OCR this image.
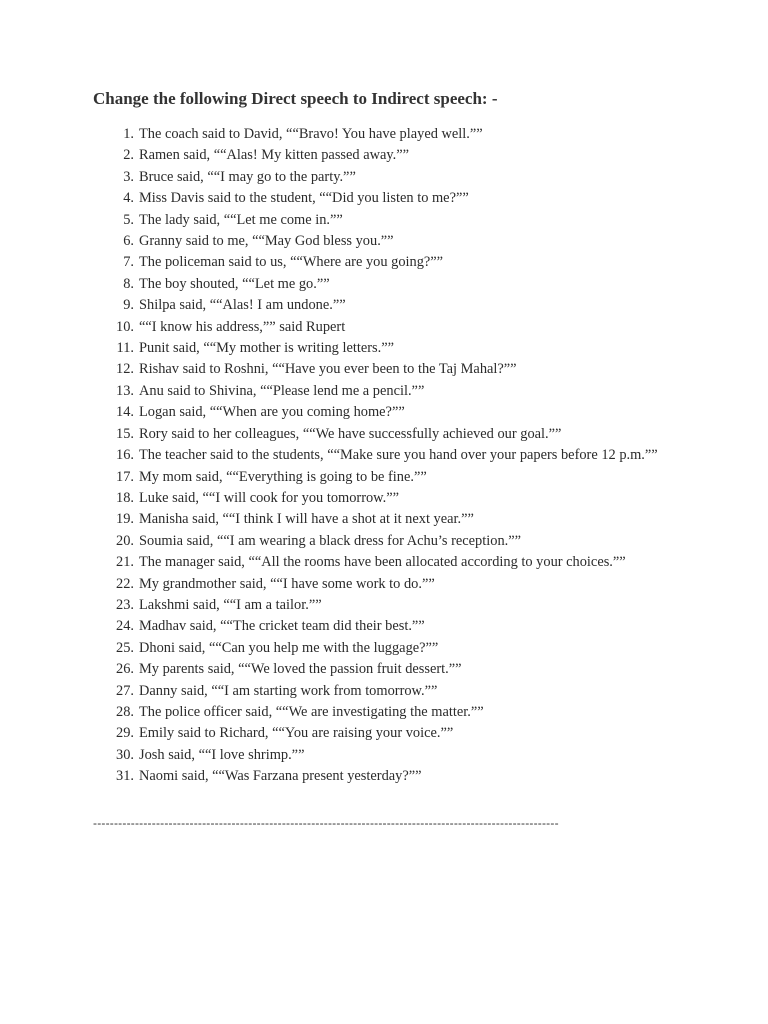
Change the following Direct speech to Indirect speech: -
1. The coach said to David, ““Bravo! You have played well.””
2. Ramen said, ““Alas! My kitten passed away.””
3. Bruce said, ““I may go to the party.””
4. Miss Davis said to the student, ““Did you listen to me?””
5. The lady said, ““Let me come in.””
6. Granny said to me, ““May God bless you.””
7. The policeman said to us, ““Where are you going?””
8. The boy shouted, ““Let me go.””
9. Shilpa said, ““Alas! I am undone.””
10. ““I know his address,”” said Rupert
11. Punit said, ““My mother is writing letters.””
12. Rishav said to Roshni, ““Have you ever been to the Taj Mahal?””
13. Anu said to Shivina, ““Please lend me a pencil.””
14. Logan said, ““When are you coming home?””
15. Rory said to her colleagues, ““We have successfully achieved our goal.””
16. The teacher said to the students, ““Make sure you hand over your papers before 12 p.m.””
17. My mom said, ““Everything is going to be fine.””
18. Luke said, ““I will cook for you tomorrow.””
19. Manisha said, ““I think I will have a shot at it next year.””
20. Soumia said, ““I am wearing a black dress for Achu’s reception.””
21. The manager said, ““All the rooms have been allocated according to your choices.””
22. My grandmother said, ““I have some work to do.””
23. Lakshmi said, ““I am a tailor.””
24. Madhav said, ““The cricket team did their best.””
25. Dhoni said, ““Can you help me with the luggage?””
26. My parents said, ““We loved the passion fruit dessert.””
27. Danny said, ““I am starting work from tomorrow.””
28. The police officer said, ““We are investigating the matter.””
29. Emily said to Richard, ““You are raising your voice.””
30. Josh said, ““I love shrimp.””
31. Naomi said, ““Was Farzana present yesterday?””
---------------------------------------------------------------------------------------------------------------
